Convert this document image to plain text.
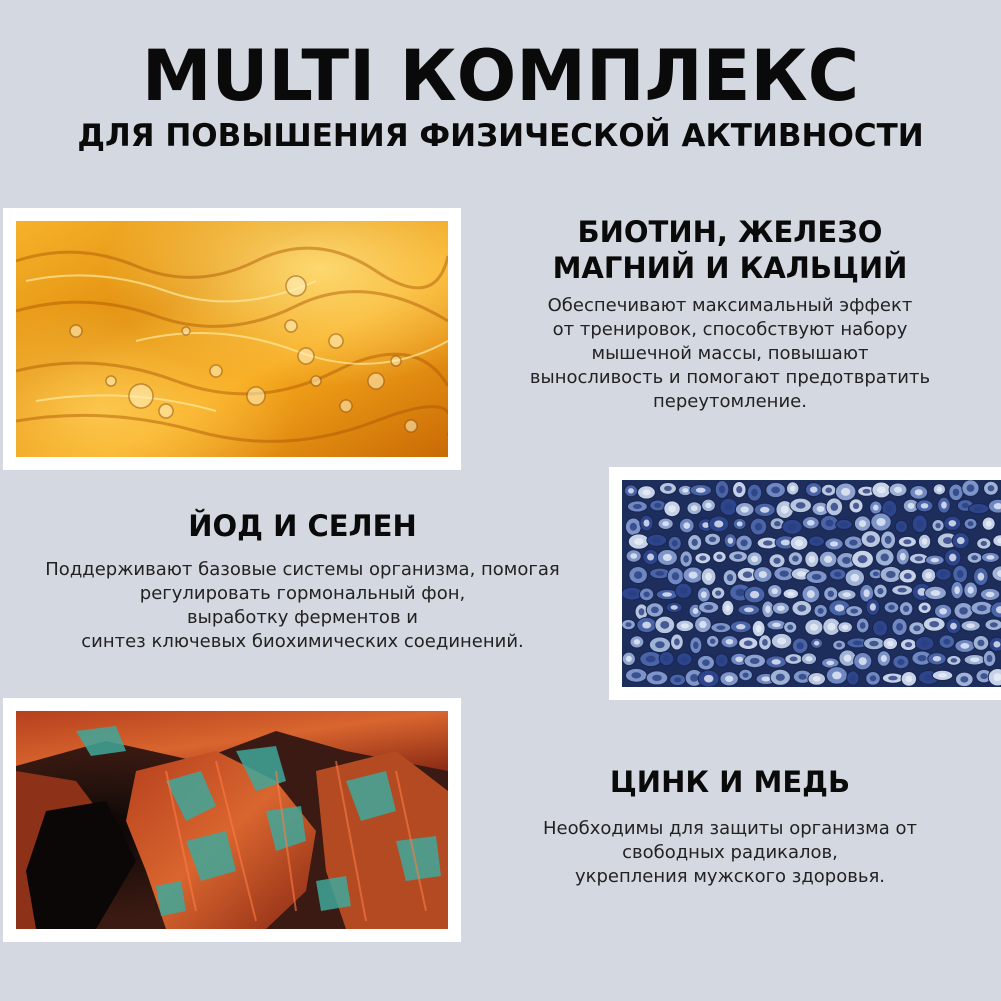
MULTI КОМПЛЕКС
ДЛЯ ПОВЫШЕНИЯ ФИЗИЧЕСКОЙ АКТИВНОСТИ
БИОТИН, ЖЕЛЕЗО
МАГНИЙ И КАЛЬЦИЙ

Обеспечивают максимальный эффект
от тренировок, способствуют набору
мышечной массы, повышают
выносливость и помогают предотвратить
переутомление.

ЙОД И СЕЛЕН

Поддерживают базовые системы организма, помогая
регулировать гормональный фон,
выработку ферментов и
синтез ключевых биохимических соединений.

ЦИНК И МЕДЬ

Необходимы для защиты организма от
свободных радикалов,
укрепления мужского здоровья.
